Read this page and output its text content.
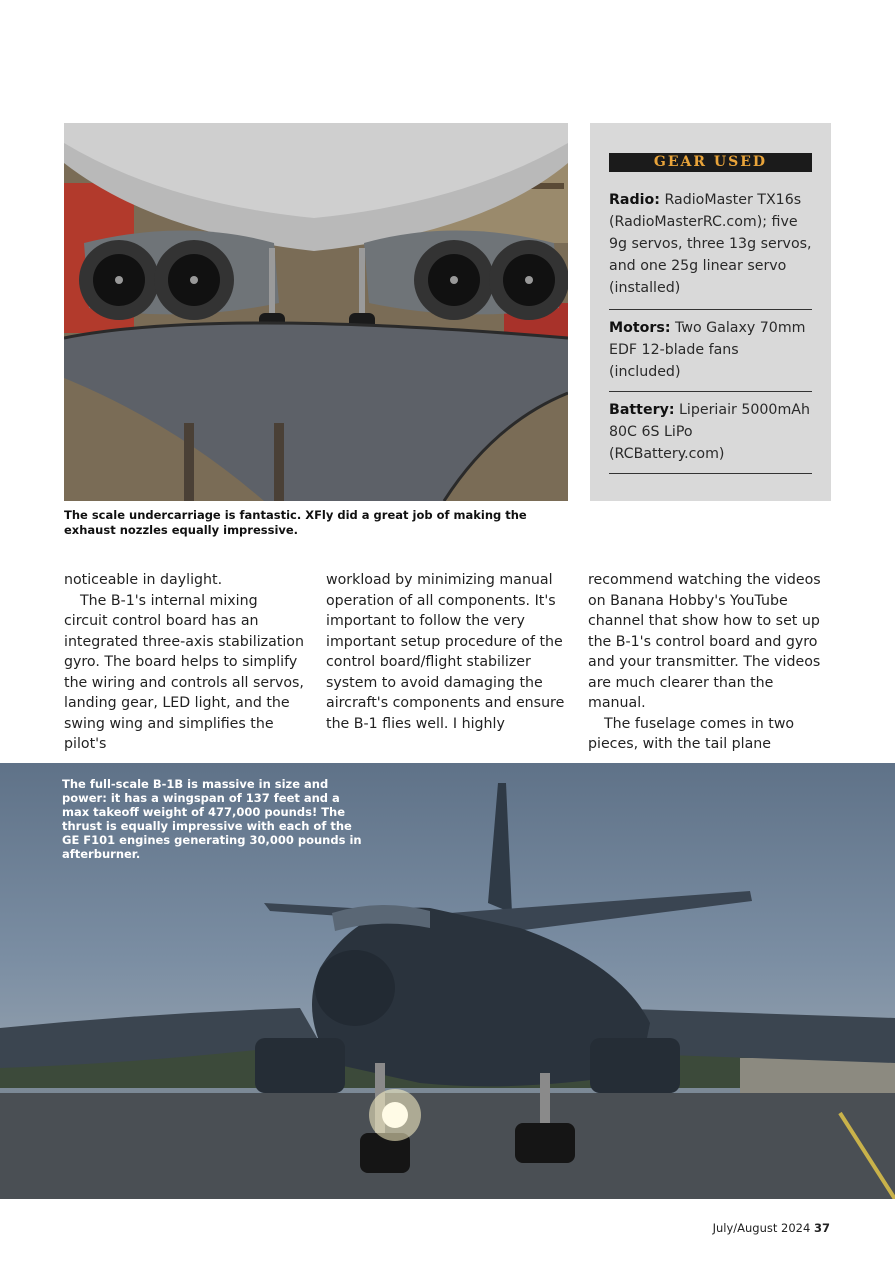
The scale undercarriage is fantastic. XFly did a great job of making the exhaust nozzles equally impressive.
GEAR USED
Radio: RadioMaster TX16s (RadioMasterRC.com); five 9g servos, three 13g servos, and one 25g linear servo (installed)
Motors: Two Galaxy 70mm EDF 12-blade fans (included)
Battery: Liperiair 5000mAh 80C 6S LiPo (RCBattery.com)

noticeable in daylight.

The B-1's internal mixing circuit control board has an integrated three-axis stabilization gyro. The board helps to simplify the wiring and controls all servos, landing gear, LED light, and the swing wing and simplifies the pilot's

workload by minimizing manual operation of all components. It's important to follow the very important setup procedure of the control board/flight stabilizer system to avoid damaging the aircraft's components and ensure the B-1 flies well. I highly

recommend watching the videos on Banana Hobby's YouTube channel that show how to set up the B-1's control board and gyro and your transmitter. The videos are much clearer than the manual.

The fuselage comes in two pieces, with the tail plane

The full-scale B-1B is massive in size and power: it has a wingspan of 137 feet and a max takeoff weight of 477,000 pounds! The thrust is equally impressive with each of the GE F101 engines generating 30,000 pounds in afterburner.
July/August 2024 37
